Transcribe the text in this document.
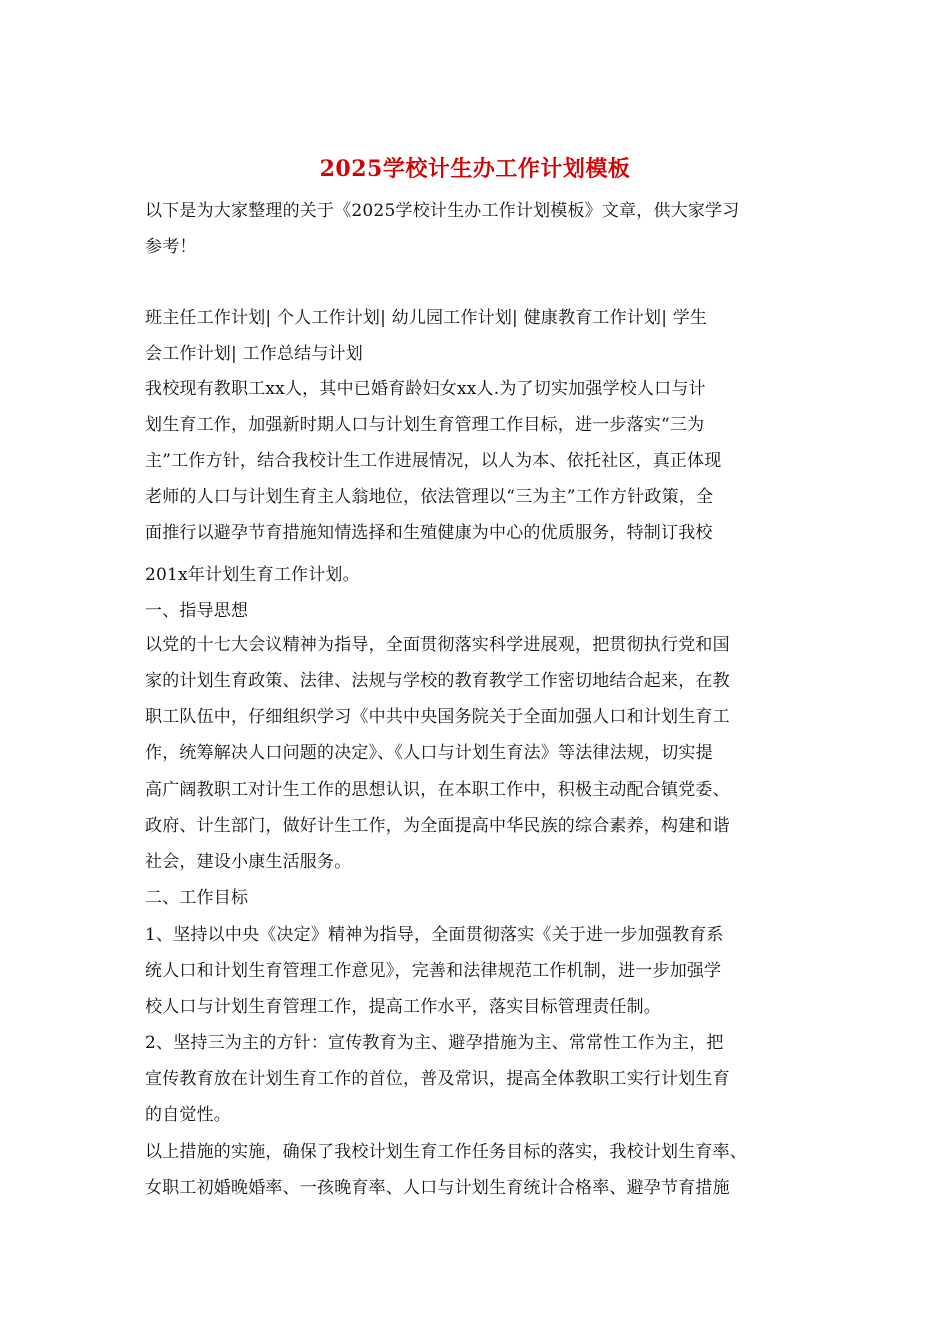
2025学校计生办工作计划模板
以下是为大家整理的关于《2025学校计生办工作计划模板》文章，供大家学习
参考！
班主任工作计划| 个人工作计划| 幼儿园工作计划| 健康教育工作计划| 学生
会工作计划| 工作总结与计划
我校现有教职工xx人，其中已婚育龄妇女xx人.为了切实加强学校人口与计
划生育工作，加强新时期人口与计划生育管理工作目标，进一步落实“三为
主”工作方针，结合我校计生工作进展情况，以人为本、依托社区，真正体现
老师的人口与计划生育主人翁地位，依法管理以“三为主”工作方针政策，全
面推行以避孕节育措施知情选择和生殖健康为中心的优质服务，特制订我校
201x年计划生育工作计划。
一、指导思想
以党的十七大会议精神为指导，全面贯彻落实科学进展观，把贯彻执行党和国
家的计划生育政策、法律、法规与学校的教育教学工作密切地结合起来，在教
职工队伍中，仔细组织学习《中共中央国务院关于全面加强人口和计划生育工
作，统筹解决人口问题的决定》、《人口与计划生育法》等法律法规，切实提
高广阔教职工对计生工作的思想认识，在本职工作中，积极主动配合镇党委、
政府、计生部门，做好计生工作，为全面提高中华民族的综合素养，构建和谐
社会，建设小康生活服务。
二、工作目标
1、坚持以中央《决定》精神为指导，全面贯彻落实《关于进一步加强教育系
统人口和计划生育管理工作意见》，完善和法律规范工作机制，进一步加强学
校人口与计划生育管理工作，提高工作水平，落实目标管理责任制。
2、坚持三为主的方针：宣传教育为主、避孕措施为主、常常性工作为主，把
宣传教育放在计划生育工作的首位，普及常识，提高全体教职工实行计划生育
的自觉性。
以上措施的实施，确保了我校计划生育工作任务目标的落实，我校计划生育率、
女职工初婚晚婚率、一孩晚育率、人口与计划生育统计合格率、避孕节育措施
